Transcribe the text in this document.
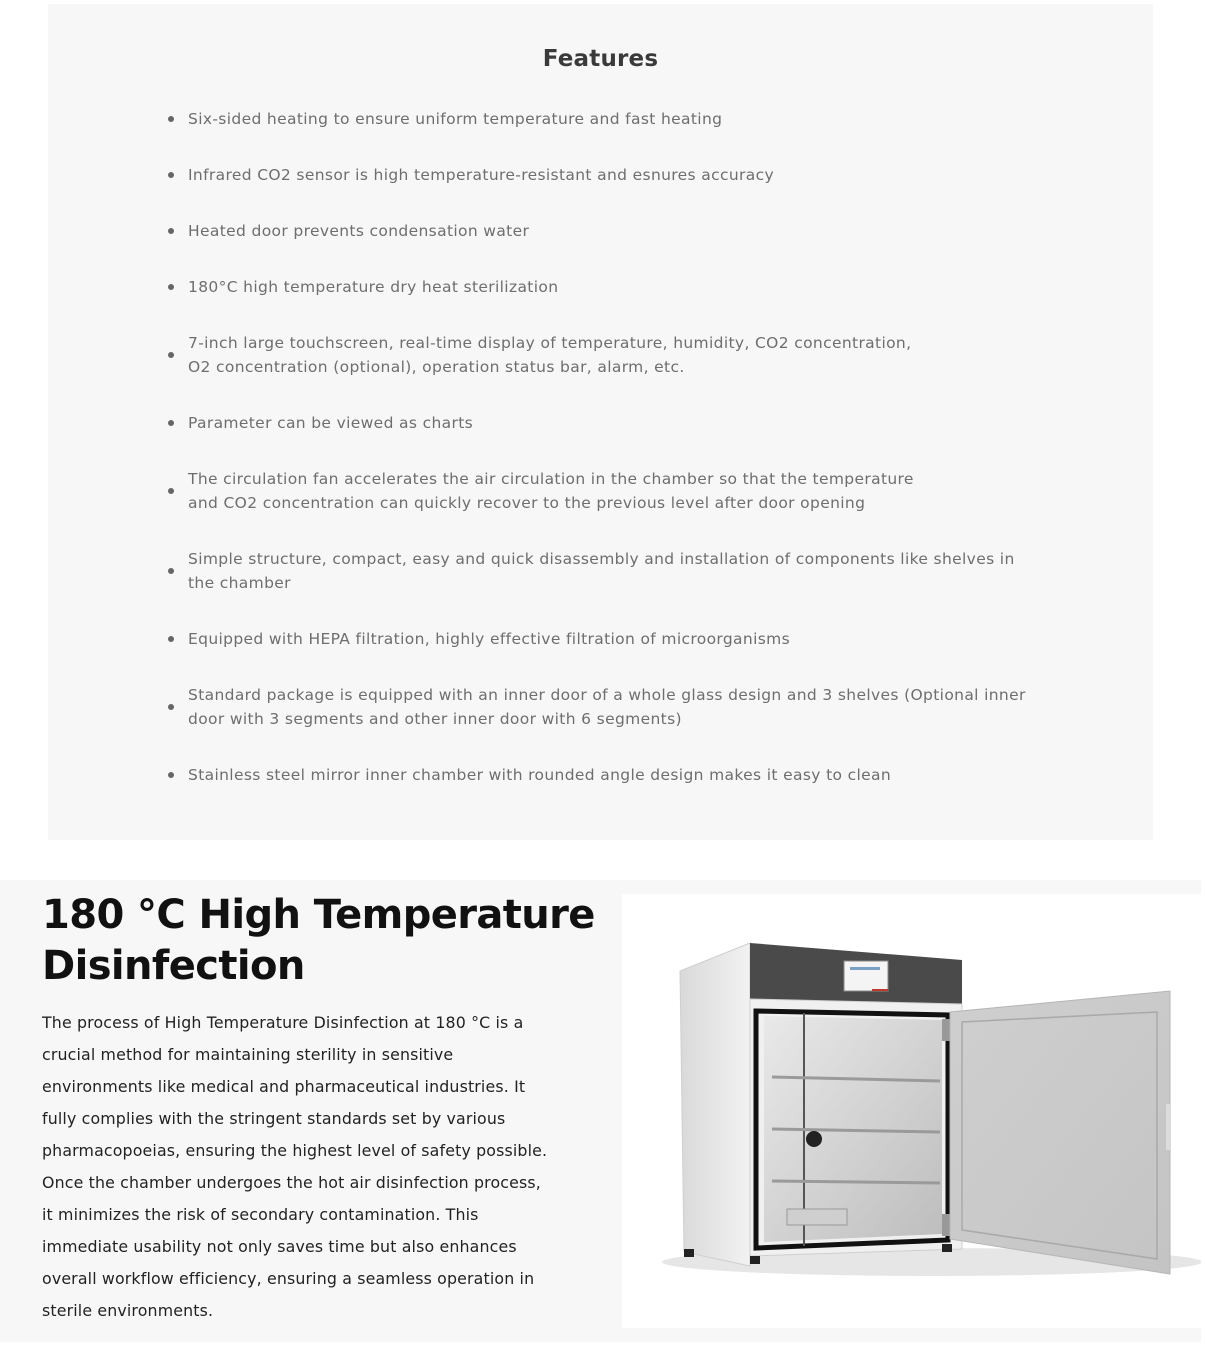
Features
Six-sided heating to ensure uniform temperature and fast heating
Infrared CO2 sensor is high temperature-resistant and esnures accuracy
Heated door prevents condensation water
180°C high temperature dry heat sterilization
7-inch large touchscreen, real-time display of temperature, humidity, CO2 concentration,
O2 concentration (optional), operation status bar, alarm, etc.
Parameter can be viewed as charts
The circulation fan accelerates the air circulation in the chamber so that the temperature
and CO2 concentration can quickly recover to the previous level after door opening
Simple structure, compact, easy and quick disassembly and installation of components like shelves in
the chamber
Equipped with HEPA filtration, highly effective filtration of microorganisms
Standard package is equipped with an inner door of a whole glass design and 3 shelves (Optional inner
door with 3 segments and other inner door with 6 segments)
Stainless steel mirror inner chamber with rounded angle design makes it easy to clean
180 °C High Temperature
Disinfection

The process of High Temperature Disinfection at 180 °C is a
crucial method for maintaining sterility in sensitive
environments like medical and pharmaceutical industries. It
fully complies with the stringent standards set by various
pharmacopoeias, ensuring the highest level of safety possible.
Once the chamber undergoes the hot air disinfection process,
it minimizes the risk of secondary contamination. This
immediate usability not only saves time but also enhances
overall workflow efficiency, ensuring a seamless operation in
sterile environments.
